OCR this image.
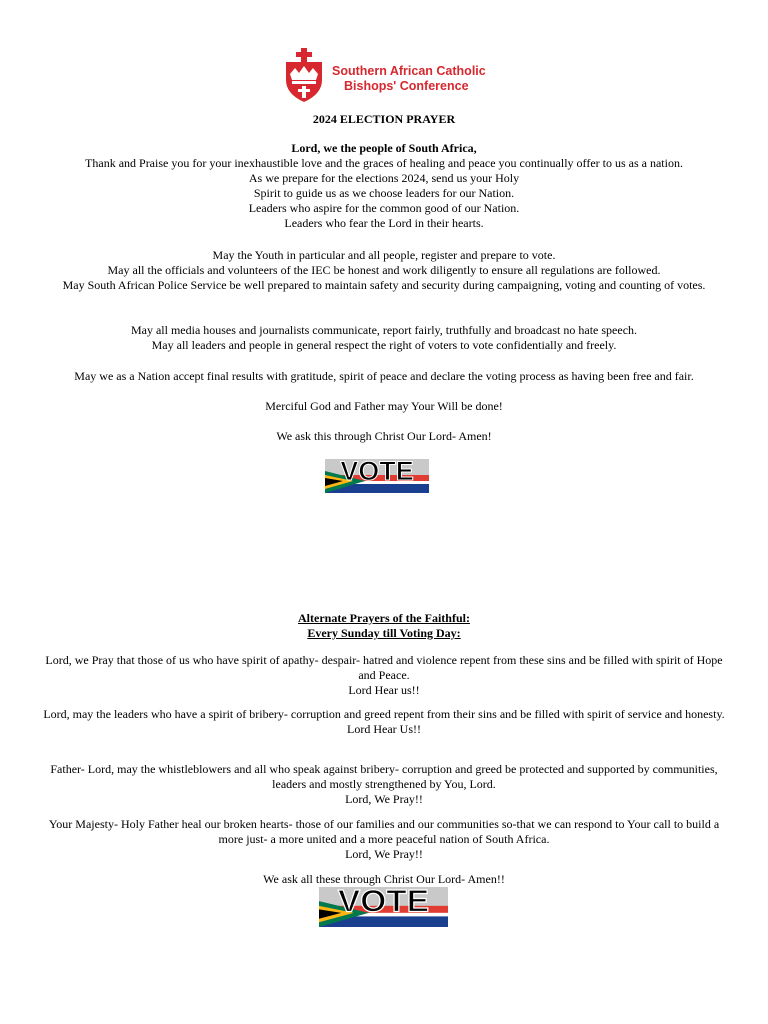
Southern African Catholic
Bishops' Conference
2024 ELECTION PRAYER
Lord, we the people of South Africa,
Thank and Praise you for your inexhaustible love and the graces of healing and peace you continually offer to us as a nation.
As we prepare for the elections 2024, send us your Holy
Spirit to guide us as we choose leaders for our Nation.
Leaders who aspire for the common good of our Nation.
Leaders who fear the Lord in their hearts.
May the Youth in particular and all people, register and prepare to vote.
May all the officials and volunteers of the IEC be honest and work diligently to ensure all regulations are followed.
May South African Police Service be well prepared to maintain safety and security during campaigning, voting and counting of votes.
May all media houses and journalists communicate, report fairly, truthfully and broadcast no hate speech.
May all leaders and people in general respect the right of voters to vote confidentially and freely.
May we as a Nation accept final results with gratitude, spirit of peace and declare the voting process as having been free and fair.
Merciful God and Father may Your Will be done!
We ask this through Christ Our Lord- Amen!
VOTE
Alternate Prayers of the Faithful:
Every Sunday till Voting Day:
Lord, we Pray that those of us who have spirit of apathy- despair- hatred and violence repent from these sins and be filled with spirit of Hope and Peace.
Lord Hear us!!
Lord, may the leaders who have a spirit of bribery- corruption and greed repent from their sins and be filled with spirit of service and honesty.
Lord Hear Us!!
Father- Lord, may the whistleblowers and all who speak against bribery- corruption and greed be protected and supported by communities, leaders and mostly strengthened by You, Lord.
Lord, We Pray!!
Your Majesty- Holy Father heal our broken hearts- those of our families and our communities so-that we can respond to Your call to build a more just- a more united and a more peaceful nation of South Africa.
Lord, We Pray!!
We ask all these through Christ Our Lord- Amen!!
VOTE
